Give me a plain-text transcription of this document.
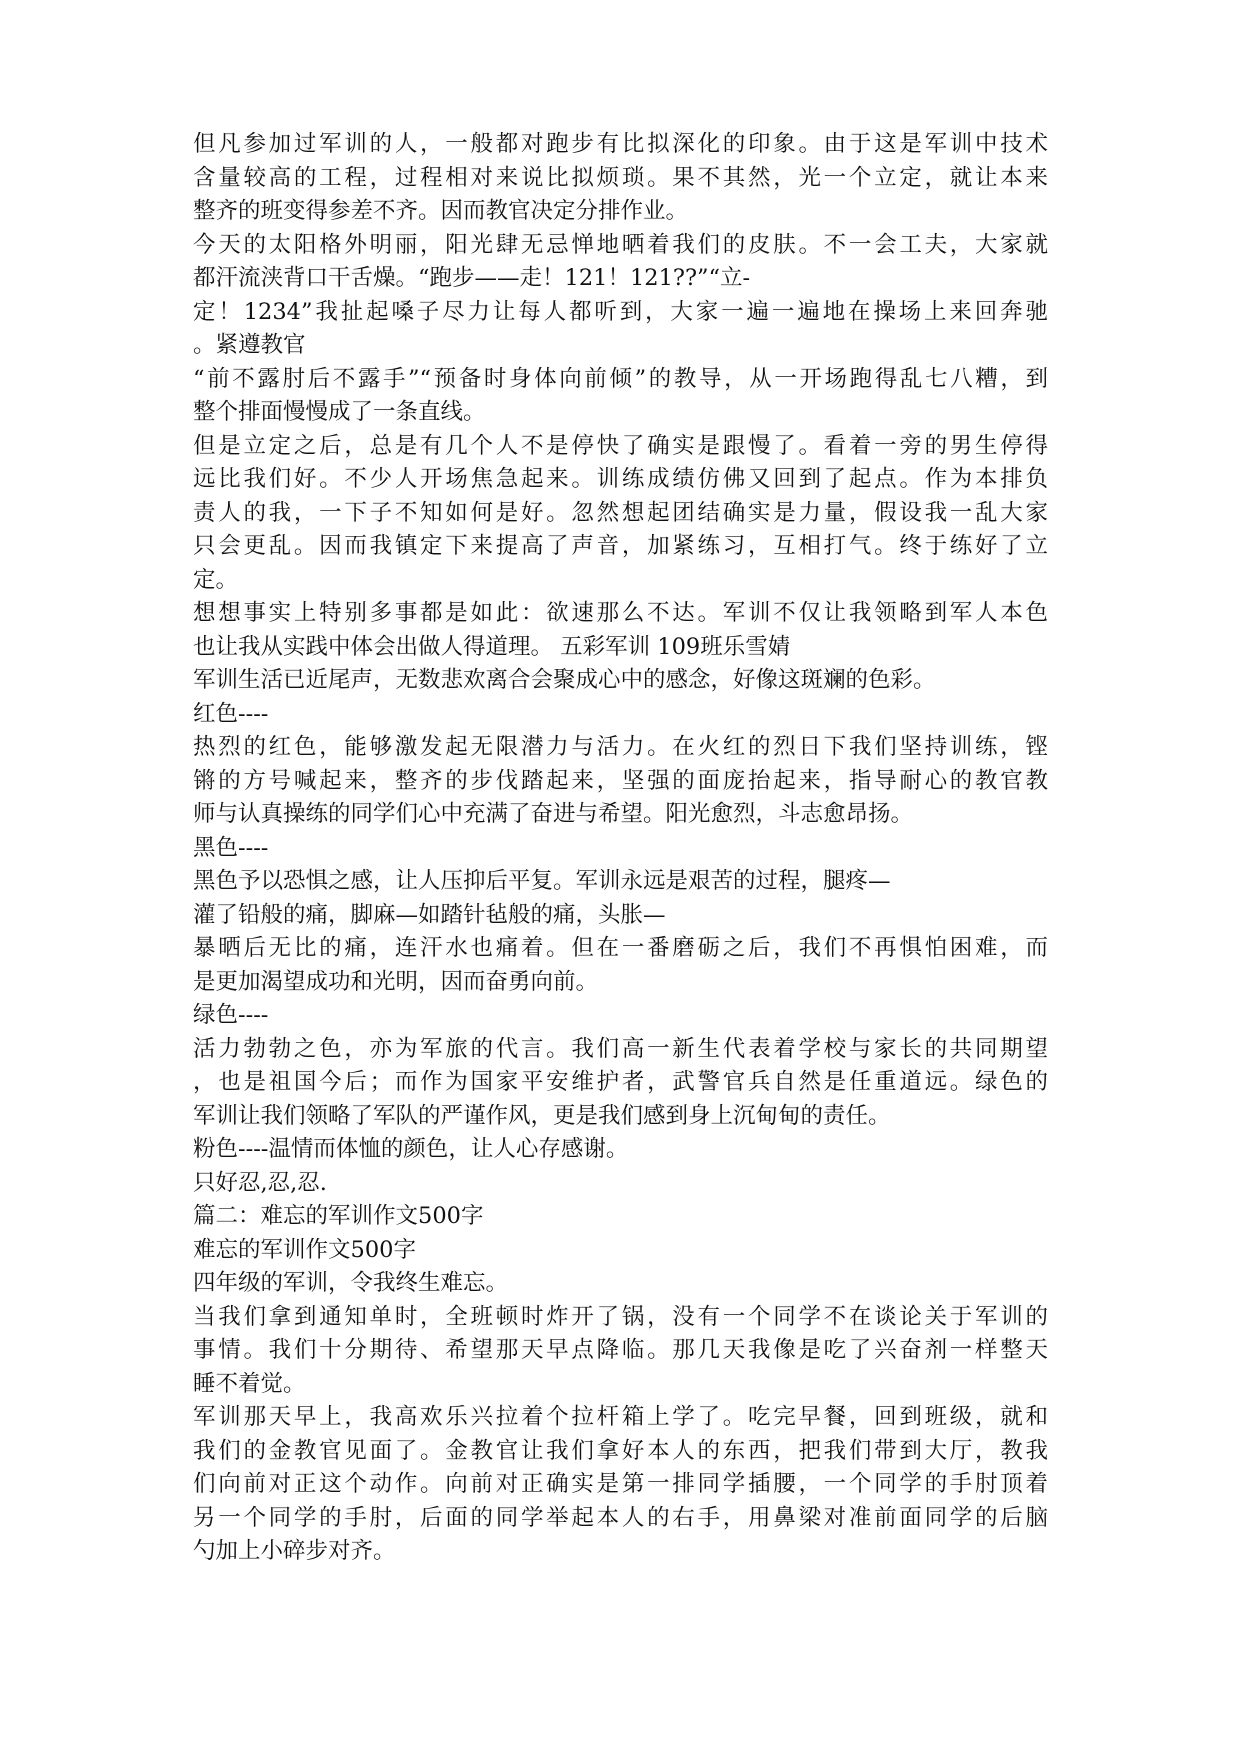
但凡参加过军训的人，一般都对跑步有比拟深化的印象。由于这是军训中技术
含量较高的工程，过程相对来说比拟烦琐。果不其然，光一个立定，就让本来
整齐的班变得参差不齐。因而教官决定分排作业。
今天的太阳格外明丽，阳光肆无忌惮地晒着我们的皮肤。不一会工夫，大家就
都汗流浃背口干舌燥。“跑步——走！121！121??”“立-
定！1234”我扯起嗓子尽力让每人都听到，大家一遍一遍地在操场上来回奔驰
。紧遵教官
“前不露肘后不露手”“预备时身体向前倾”的教导，从一开场跑得乱七八糟，到
整个排面慢慢成了一条直线。
但是立定之后，总是有几个人不是停快了确实是跟慢了。看着一旁的男生停得
远比我们好。不少人开场焦急起来。训练成绩仿佛又回到了起点。作为本排负
责人的我，一下子不知如何是好。忽然想起团结确实是力量，假设我一乱大家
只会更乱。因而我镇定下来提高了声音，加紧练习，互相打气。终于练好了立
定。
想想事实上特别多事都是如此：欲速那么不达。军训不仅让我领略到军人本色
也让我从实践中体会出做人得道理。 五彩军训 109班乐雪婧
军训生活已近尾声，无数悲欢离合会聚成心中的感念，好像这斑斓的色彩。
红色----
热烈的红色，能够激发起无限潜力与活力。在火红的烈日下我们坚持训练，铿
锵的方号喊起来，整齐的步伐踏起来，坚强的面庞抬起来，指导耐心的教官教
师与认真操练的同学们心中充满了奋进与希望。阳光愈烈，斗志愈昂扬。
黑色----
黑色予以恐惧之感，让人压抑后平复。军训永远是艰苦的过程，腿疼—
灌了铅般的痛，脚麻—如踏针毡般的痛，头胀—
暴晒后无比的痛，连汗水也痛着。但在一番磨砺之后，我们不再惧怕困难，而
是更加渴望成功和光明，因而奋勇向前。
绿色----
活力勃勃之色，亦为军旅的代言。我们高一新生代表着学校与家长的共同期望
，也是祖国今后；而作为国家平安维护者，武警官兵自然是任重道远。绿色的
军训让我们领略了军队的严谨作风，更是我们感到身上沉甸甸的责任。
粉色----温情而体恤的颜色，让人心存感谢。
只好忍,忍,忍.
篇二：难忘的军训作文500字
难忘的军训作文500字
四年级的军训，令我终生难忘。
当我们拿到通知单时，全班顿时炸开了锅，没有一个同学不在谈论关于军训的
事情。我们十分期待、希望那天早点降临。那几天我像是吃了兴奋剂一样整天
睡不着觉。
军训那天早上，我高欢乐兴拉着个拉杆箱上学了。吃完早餐，回到班级，就和
我们的金教官见面了。金教官让我们拿好本人的东西，把我们带到大厅，教我
们向前对正这个动作。向前对正确实是第一排同学插腰，一个同学的手肘顶着
另一个同学的手肘，后面的同学举起本人的右手，用鼻梁对准前面同学的后脑
勺加上小碎步对齐。
